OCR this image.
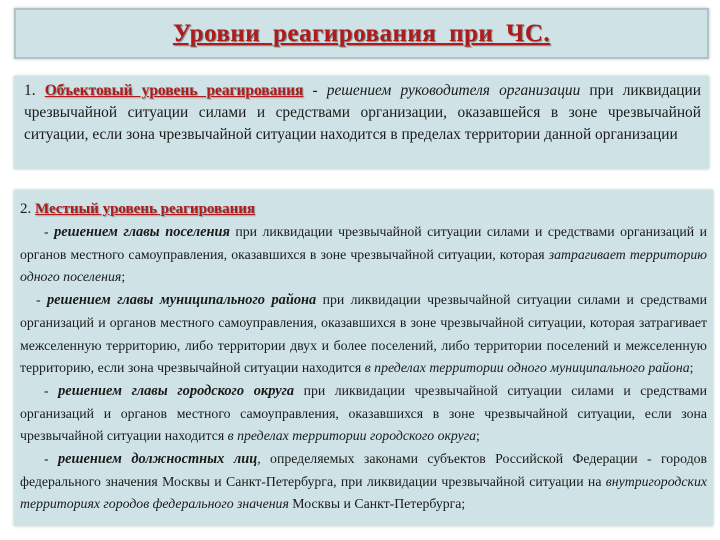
Уровни реагирования при ЧС.

1. Объектовый уровень реагирования - решением руководителя организации при ликвидации чрезвычайной ситуации силами и средствами организации, оказавшейся в зоне чрезвычайной ситуации, если зона чрезвычайной ситуации находится в пределах территории данной организации

2. Местный уровень реагирования

- решением главы поселения при ликвидации чрезвычайной ситуации силами и средствами организаций и органов местного самоуправления, оказавшихся в зоне чрезвычайной ситуации, которая затрагивает территорию одного поселения;

- решением главы муниципального района при ликвидации чрезвычайной ситуации силами и средствами организаций и органов местного самоуправления, оказавшихся в зоне чрезвычайной ситуации, которая затрагивает межселенную территорию, либо территории двух и более поселений, либо территории поселений и межселенную территорию, если зона чрезвычайной ситуации находится в пределах территории одного муниципального района;

- решением главы городского округа при ликвидации чрезвычайной ситуации силами и средствами организаций и органов местного самоуправления, оказавшихся в зоне чрезвычайной ситуации, если зона чрезвычайной ситуации находится в пределах территории городского округа;

- решением должностных лиц, определяемых законами субъектов Российской Федерации - городов федерального значения Москвы и Санкт-Петербурга, при ликвидации чрезвычайной ситуации на внутригородских территориях городов федерального значения Москвы и Санкт-Петербурга;
